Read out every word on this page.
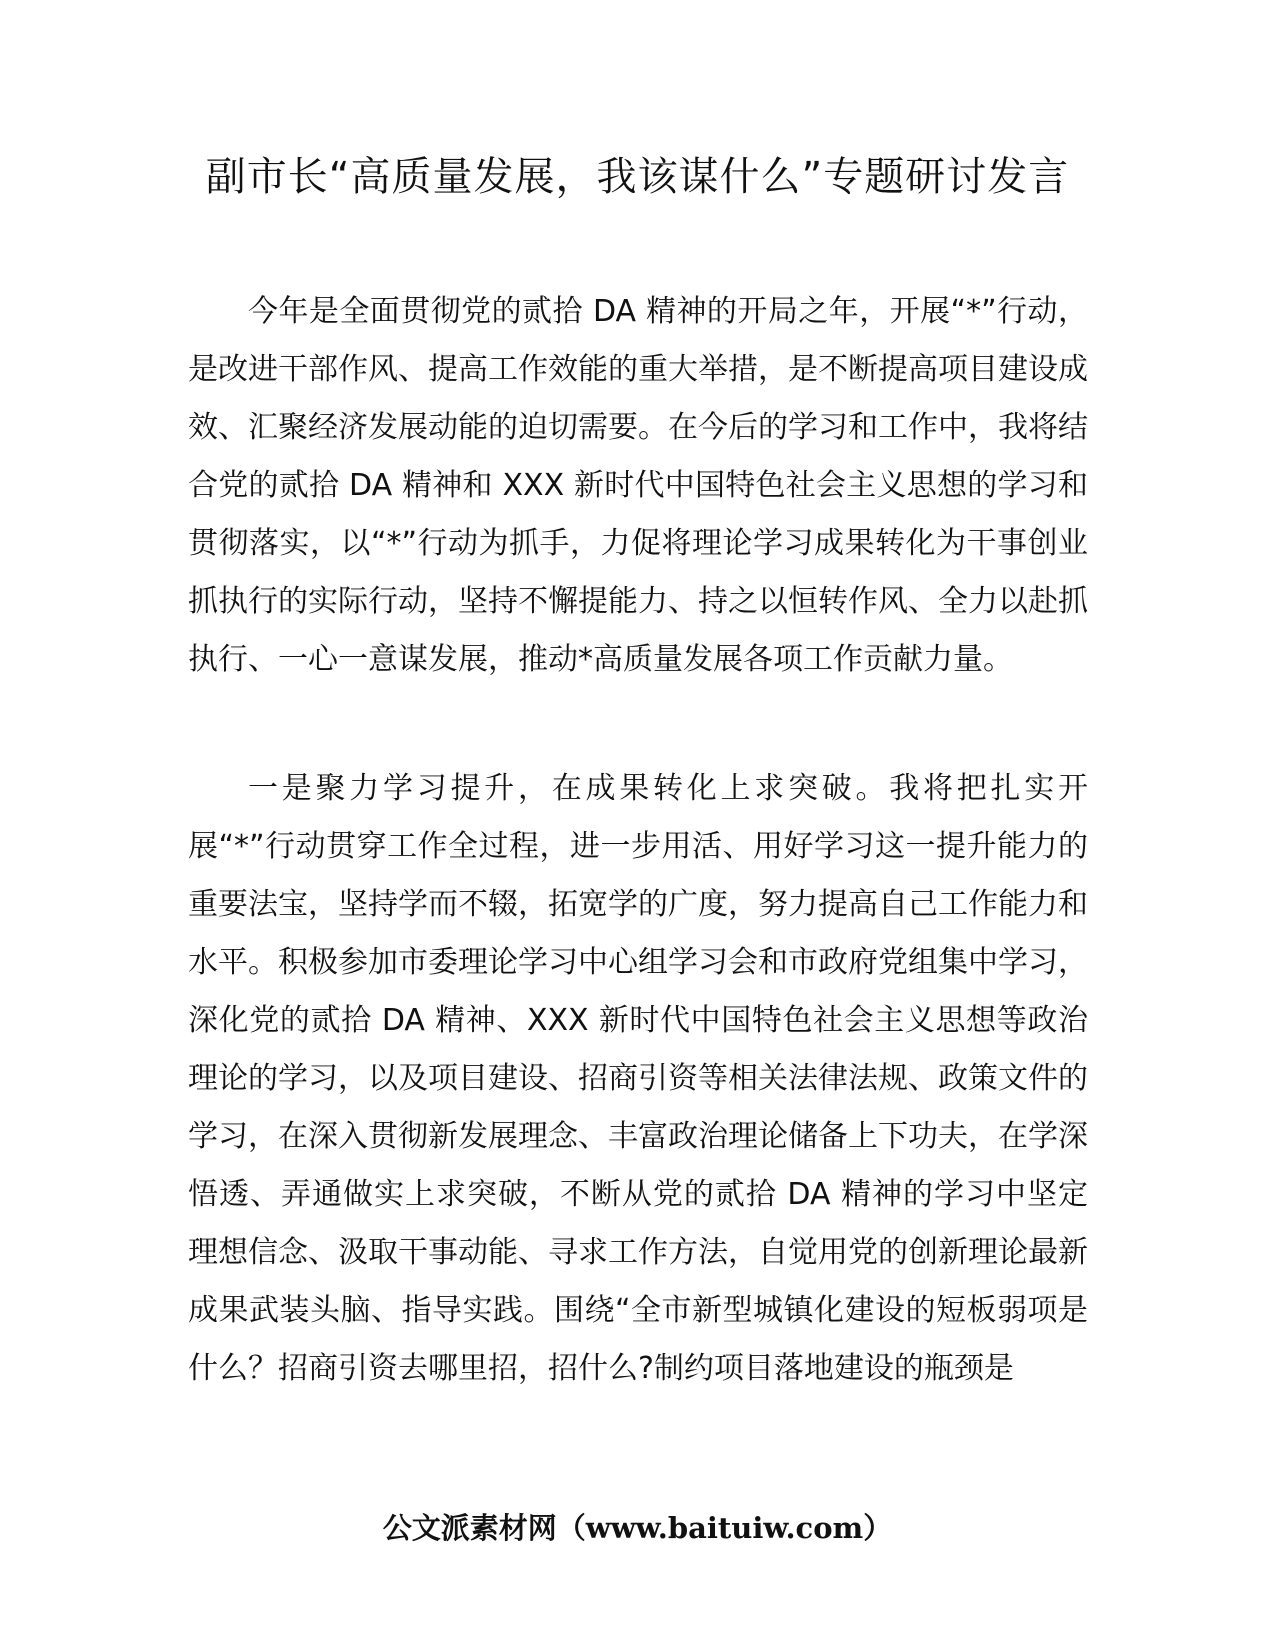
副市长“高质量发展，我该谋什么”专题研讨发言

今年是全面贯彻党的贰拾 DA 精神的开局之年，开展“*”行动，是改进干部作风、提高工作效能的重大举措，是不断提高项目建设成效、汇聚经济发展动能的迫切需要。在今后的学习和工作中，我将结合党的贰拾 DA 精神和 XXX 新时代中国特色社会主义思想的学习和贯彻落实，以“*”行动为抓手，力促将理论学习成果转化为干事创业抓执行的实际行动，坚持不懈提能力、持之以恒转作风、全力以赴抓执行、一心一意谋发展，推动*高质量发展各项工作贡献力量。

一是聚力学习提升，在成果转化上求突破。我将把扎实开展“*”行动贯穿工作全过程，进一步用活、用好学习这一提升能力的重要法宝，坚持学而不辍，拓宽学的广度，努力提高自己工作能力和水平。积极参加市委理论学习中心组学习会和市政府党组集中学习，深化党的贰拾 DA 精神、XXX 新时代中国特色社会主义思想等政治理论的学习，以及项目建设、招商引资等相关法律法规、政策文件的学习，在深入贯彻新发展理念、丰富政治理论储备上下功夫，在学深悟透、弄通做实上求突破，不断从党的贰拾 DA 精神的学习中坚定理想信念、汲取干事动能、寻求工作方法，自觉用党的创新理论最新成果武装头脑、指导实践。围绕“全市新型城镇化建设的短板弱项是什么？招商引资去哪里招，招什么?制约项目落地建设的瓶颈是

公文派素材网（www.baituiw.com）
